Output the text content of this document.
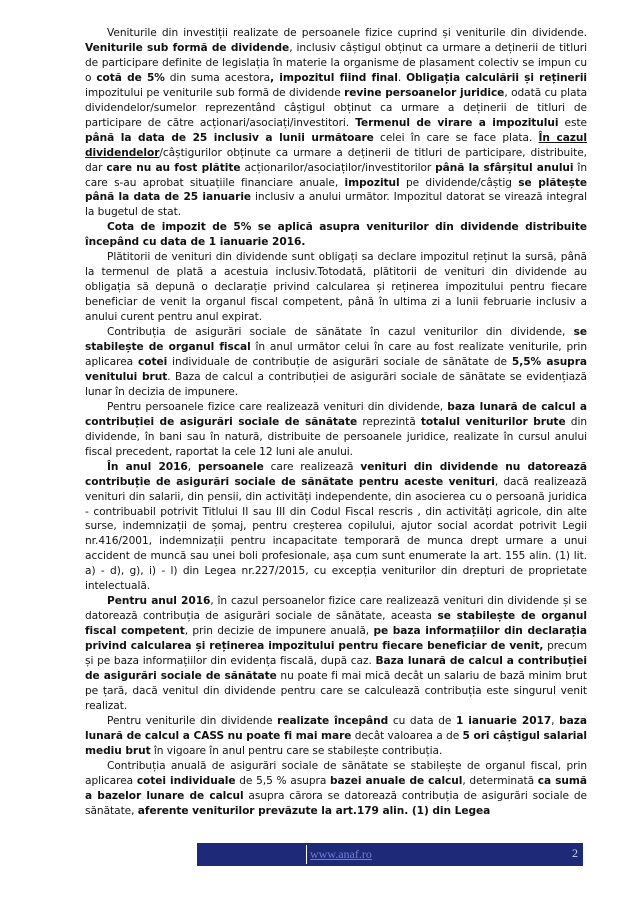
Veniturile din investiții realizate de persoanele fizice cuprind și veniturile din dividende. Veniturile sub formă de dividende, inclusiv câștigul obținut ca urmare a deținerii de titluri de participare definite de legislația în materie la organisme de plasament colectiv se impun cu o cotă de 5% din suma acestora, impozitul fiind final. Obligația calculării și reținerii impozitului pe veniturile sub formă de dividende revine persoanelor juridice, odată cu plata dividendelor/sumelor reprezentând câștigul obținut ca urmare a deținerii de titluri de participare de către acționari/asociați/investitori. Termenul de virare a impozitului este până la data de 25 inclusiv a lunii următoare celei în care se face plata. În cazul dividendelor/câștigurilor obținute ca urmare a deținerii de titluri de participare, distribuite, dar care nu au fost plătite acționarilor/asociaților/investitorilor până la sfârșitul anului în care s-au aprobat situațiile financiare anuale, impozitul pe dividende/câștig se plătește până la data de 25 ianuarie inclusiv a anului următor. Impozitul datorat se virează integral la bugetul de stat.

Cota de impozit de 5% se aplică asupra veniturilor din dividende distribuite începând cu data de 1 ianuarie 2016.

Plătitorii de venituri din dividende sunt obligați sa declare impozitul reținut la sursă, până la termenul de plată a acestuia inclusiv.Totodată, plătitorii de venituri din dividende au obligația să depună o declarație privind calcularea și reținerea impozitului pentru fiecare beneficiar de venit la organul fiscal competent, până în ultima zi a lunii februarie inclusiv a anului curent pentru anul expirat.

Contribuția de asigurări sociale de sănătate în cazul veniturilor din dividende, se stabilește de organul fiscal în anul următor celui în care au fost realizate veniturile, prin aplicarea cotei individuale de contribuție de asigurări sociale de sănătate de 5,5% asupra venitului brut. Baza de calcul a contribuției de asigurări sociale de sănătate se evidențiază lunar în decizia de impunere.

Pentru persoanele fizice care realizează venituri din dividende, baza lunară de calcul a contribuției de asigurări sociale de sănătate reprezintă totalul veniturilor brute din dividende, în bani sau în natură, distribuite de persoanele juridice, realizate în cursul anului fiscal precedent, raportat la cele 12 luni ale anului.

În anul 2016, persoanele care realizează venituri din dividende nu datorează contribuție de asigurări sociale de sănătate pentru aceste venituri, dacă realizează venituri din salarii, din pensii, din activități independente, din asocierea cu o persoană juridica - contribuabil potrivit Titlului II sau III din Codul Fiscal rescris , din activități agricole, din alte surse, indemnizații de șomaj, pentru creșterea copilului, ajutor social acordat potrivit Legii nr.416/2001, indemnizații pentru incapacitate temporară de munca drept urmare a unui accident de muncă sau unei boli profesionale, așa cum sunt enumerate la art. 155 alin. (1) lit. a) - d), g), i) - l) din Legea nr.227/2015, cu excepția veniturilor din drepturi de proprietate intelectuală.

Pentru anul 2016, în cazul persoanelor fizice care realizează venituri din dividende și se datorează contribuția de asigurări sociale de sănătate, aceasta se stabilește de organul fiscal competent, prin decizie de impunere anuală, pe baza informațiilor din declarația privind calcularea și reținerea impozitului pentru fiecare beneficiar de venit, precum și pe baza informațiilor din evidența fiscală, după caz. Baza lunară de calcul a contribuției de asigurări sociale de sănătate nu poate fi mai mică decât un salariu de bază minim brut pe țară, dacă venitul din dividende pentru care se calculează contribuția este singurul venit realizat.

Pentru veniturile din dividende realizate începând cu data de 1 ianuarie 2017, baza lunară de calcul a CASS nu poate fi mai mare decât valoarea a de 5 ori câștigul salarial mediu brut în vigoare în anul pentru care se stabilește contribuția.

Contribuția anuală de asigurări sociale de sănătate se stabilește de organul fiscal, prin aplicarea cotei individuale de 5,5 % asupra bazei anuale de calcul, determinată ca sumă a bazelor lunare de calcul asupra cărora se datorează contribuția de asigurări sociale de sănătate, aferente veniturilor prevăzute la art.179 alin. (1) din Legea

www.anaf.ro	2
